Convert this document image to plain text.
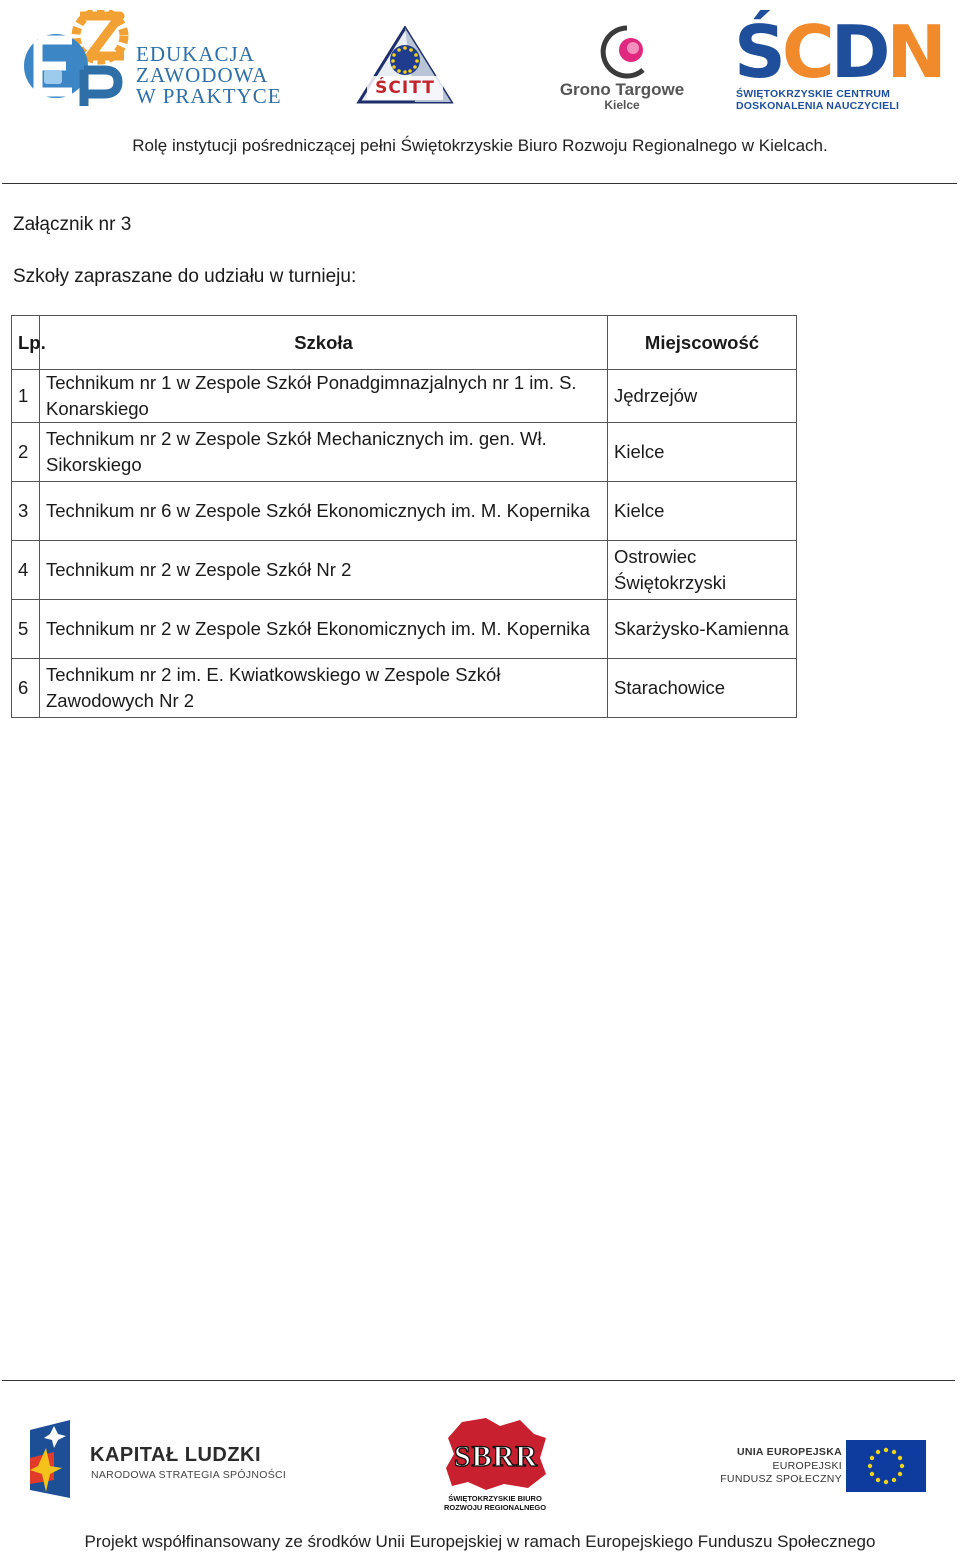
EDUKACJA
ZAWODOWA
W PRAKTYCE	ŚCITT	Grono Targowe
Kielce
ŚCDN
ŚWIĘTOKRZYSKIE CENTRUM
DOSKONALENIA NAUCZYCIELI
Rolę instytucji pośredniczącej pełni Świętokrzyskie Biuro Rozwoju Regionalnego w Kielcach.
Załącznik nr 3
Szkoły zapraszane do udziału w turnieju:
Lp.	Szkoła	Miejscowość
1	Technikum nr 1 w Zespole Szkół Ponadgimnazjalnych nr 1 im. S. Konarskiego	Jędrzejów
2	Technikum nr 2 w Zespole Szkół Mechanicznych im. gen. Wł. Sikorskiego	Kielce
3	Technikum nr 6 w Zespole Szkół Ekonomicznych im. M. Kopernika	Kielce
4	Technikum nr 2 w Zespole Szkół Nr 2	Ostrowiec Świętokrzyski
5	Technikum nr 2 w Zespole Szkół Ekonomicznych im. M. Kopernika	Skarżysko-Kamienna
6	Technikum nr 2 im. E. Kwiatkowskiego w Zespole Szkół Zawodowych Nr 2	Starachowice
KAPITAŁ LUDZKI
NARODOWA STRATEGIA SPÓJNOŚCI
SBRR
ŚWIĘTOKRZYSKIE BIURO
ROZWOJU REGIONALNEGO
UNIA EUROPEJSKA
EUROPEJSKI
FUNDUSZ SPOŁECZNY
Projekt współfinansowany ze środków Unii Europejskiej w ramach Europejskiego Funduszu Społecznego
